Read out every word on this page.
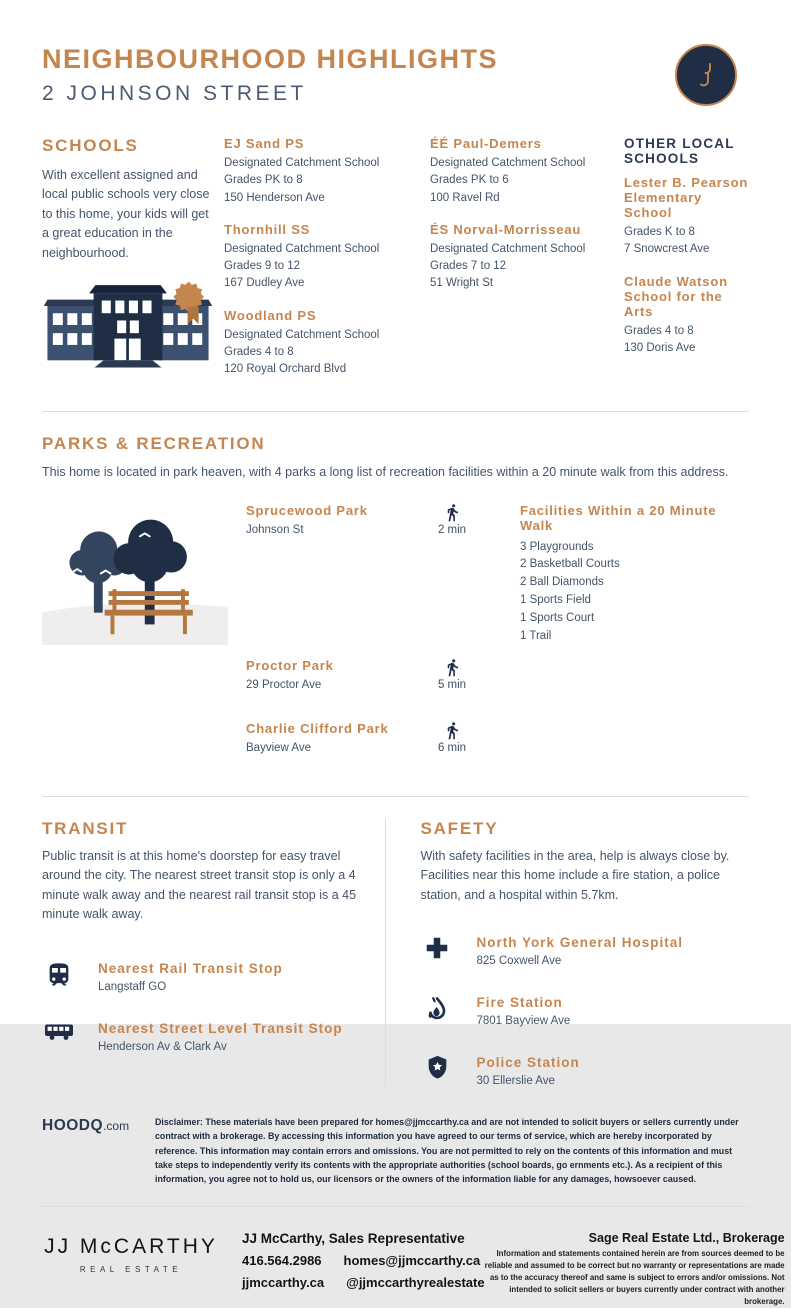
NEIGHBOURHOOD HIGHLIGHTS
2 JOHNSON STREET
SCHOOLS
With excellent assigned and local public schools very close to this home, your kids will get a great education in the neighbourhood.
EJ Sand PS
Designated Catchment School
Grades PK to 8
150 Henderson Ave
Thornhill SS
Designated Catchment School
Grades 9 to 12
167 Dudley Ave
Woodland PS
Designated Catchment School
Grades 4 to 8
120 Royal Orchard Blvd
ÉÉ Paul-Demers
Designated Catchment School
Grades PK to 6
100 Ravel Rd
ÉS Norval-Morrisseau
Designated Catchment School
Grades 7 to 12
51 Wright St
OTHER LOCAL SCHOOLS
Lester B. Pearson Elementary School
Grades K to 8
7 Snowcrest Ave
Claude Watson School for the Arts
Grades 4 to 8
130 Doris Ave
PARKS & RECREATION
This home is located in park heaven, with 4 parks a long list of recreation facilities within a 20 minute walk from this address.
Sprucewood Park
Johnson St	2 min
Proctor Park
29 Proctor Ave	5 min
Charlie Clifford Park
Bayview Ave	6 min
Facilities Within a 20 Minute Walk
3 Playgrounds
2 Basketball Courts
2 Ball Diamonds
1 Sports Field
1 Sports Court
1 Trail
TRANSIT
Public transit is at this home's doorstep for easy travel around the city. The nearest street transit stop is only a 4 minute walk away and the nearest rail transit stop is a 45 minute walk away.
Nearest Rail Transit Stop
Langstaff GO
Nearest Street Level Transit Stop
Henderson Av & Clark Av
SAFETY
With safety facilities in the area, help is always close by. Facilities near this home include a fire station, a police station, and a hospital within 5.7km.
North York General Hospital
825 Coxwell Ave
Fire Station
7801 Bayview Ave
Police Station
30 Ellerslie Ave
HOODQ.com	Disclaimer: These materials have been prepared for homes@jjmccarthy.ca and are not intended to solicit buyers or sellers currently under contract with a brokerage. By accessing this information you have agreed to our terms of service, which are hereby incorporated by reference. This information may contain errors and omissions. You are not permitted to rely on the contents of this information and must take steps to independently verify its contents with the appropriate authorities (school boards, go ernments etc.). As a recipient of this information, you agree not to hold us, our licensors or the owners of the information liable for any damages, howsoever caused.
JJ McCARTHY
REAL ESTATE
JJ McCarthy, Sales Representative
416.564.2986 homes@jjmccarthy.ca
jjmccarthy.ca @jjmccarthyrealestate
Sage Real Estate Ltd., Brokerage
Information and statements contained herein are from sources deemed to be reliable and assumed to be correct but no warranty or representations are made as to the accuracy thereof and same is subject to errors and/or omissions. Not intended to solicit sellers or buyers currently under contract with another brokerage.
